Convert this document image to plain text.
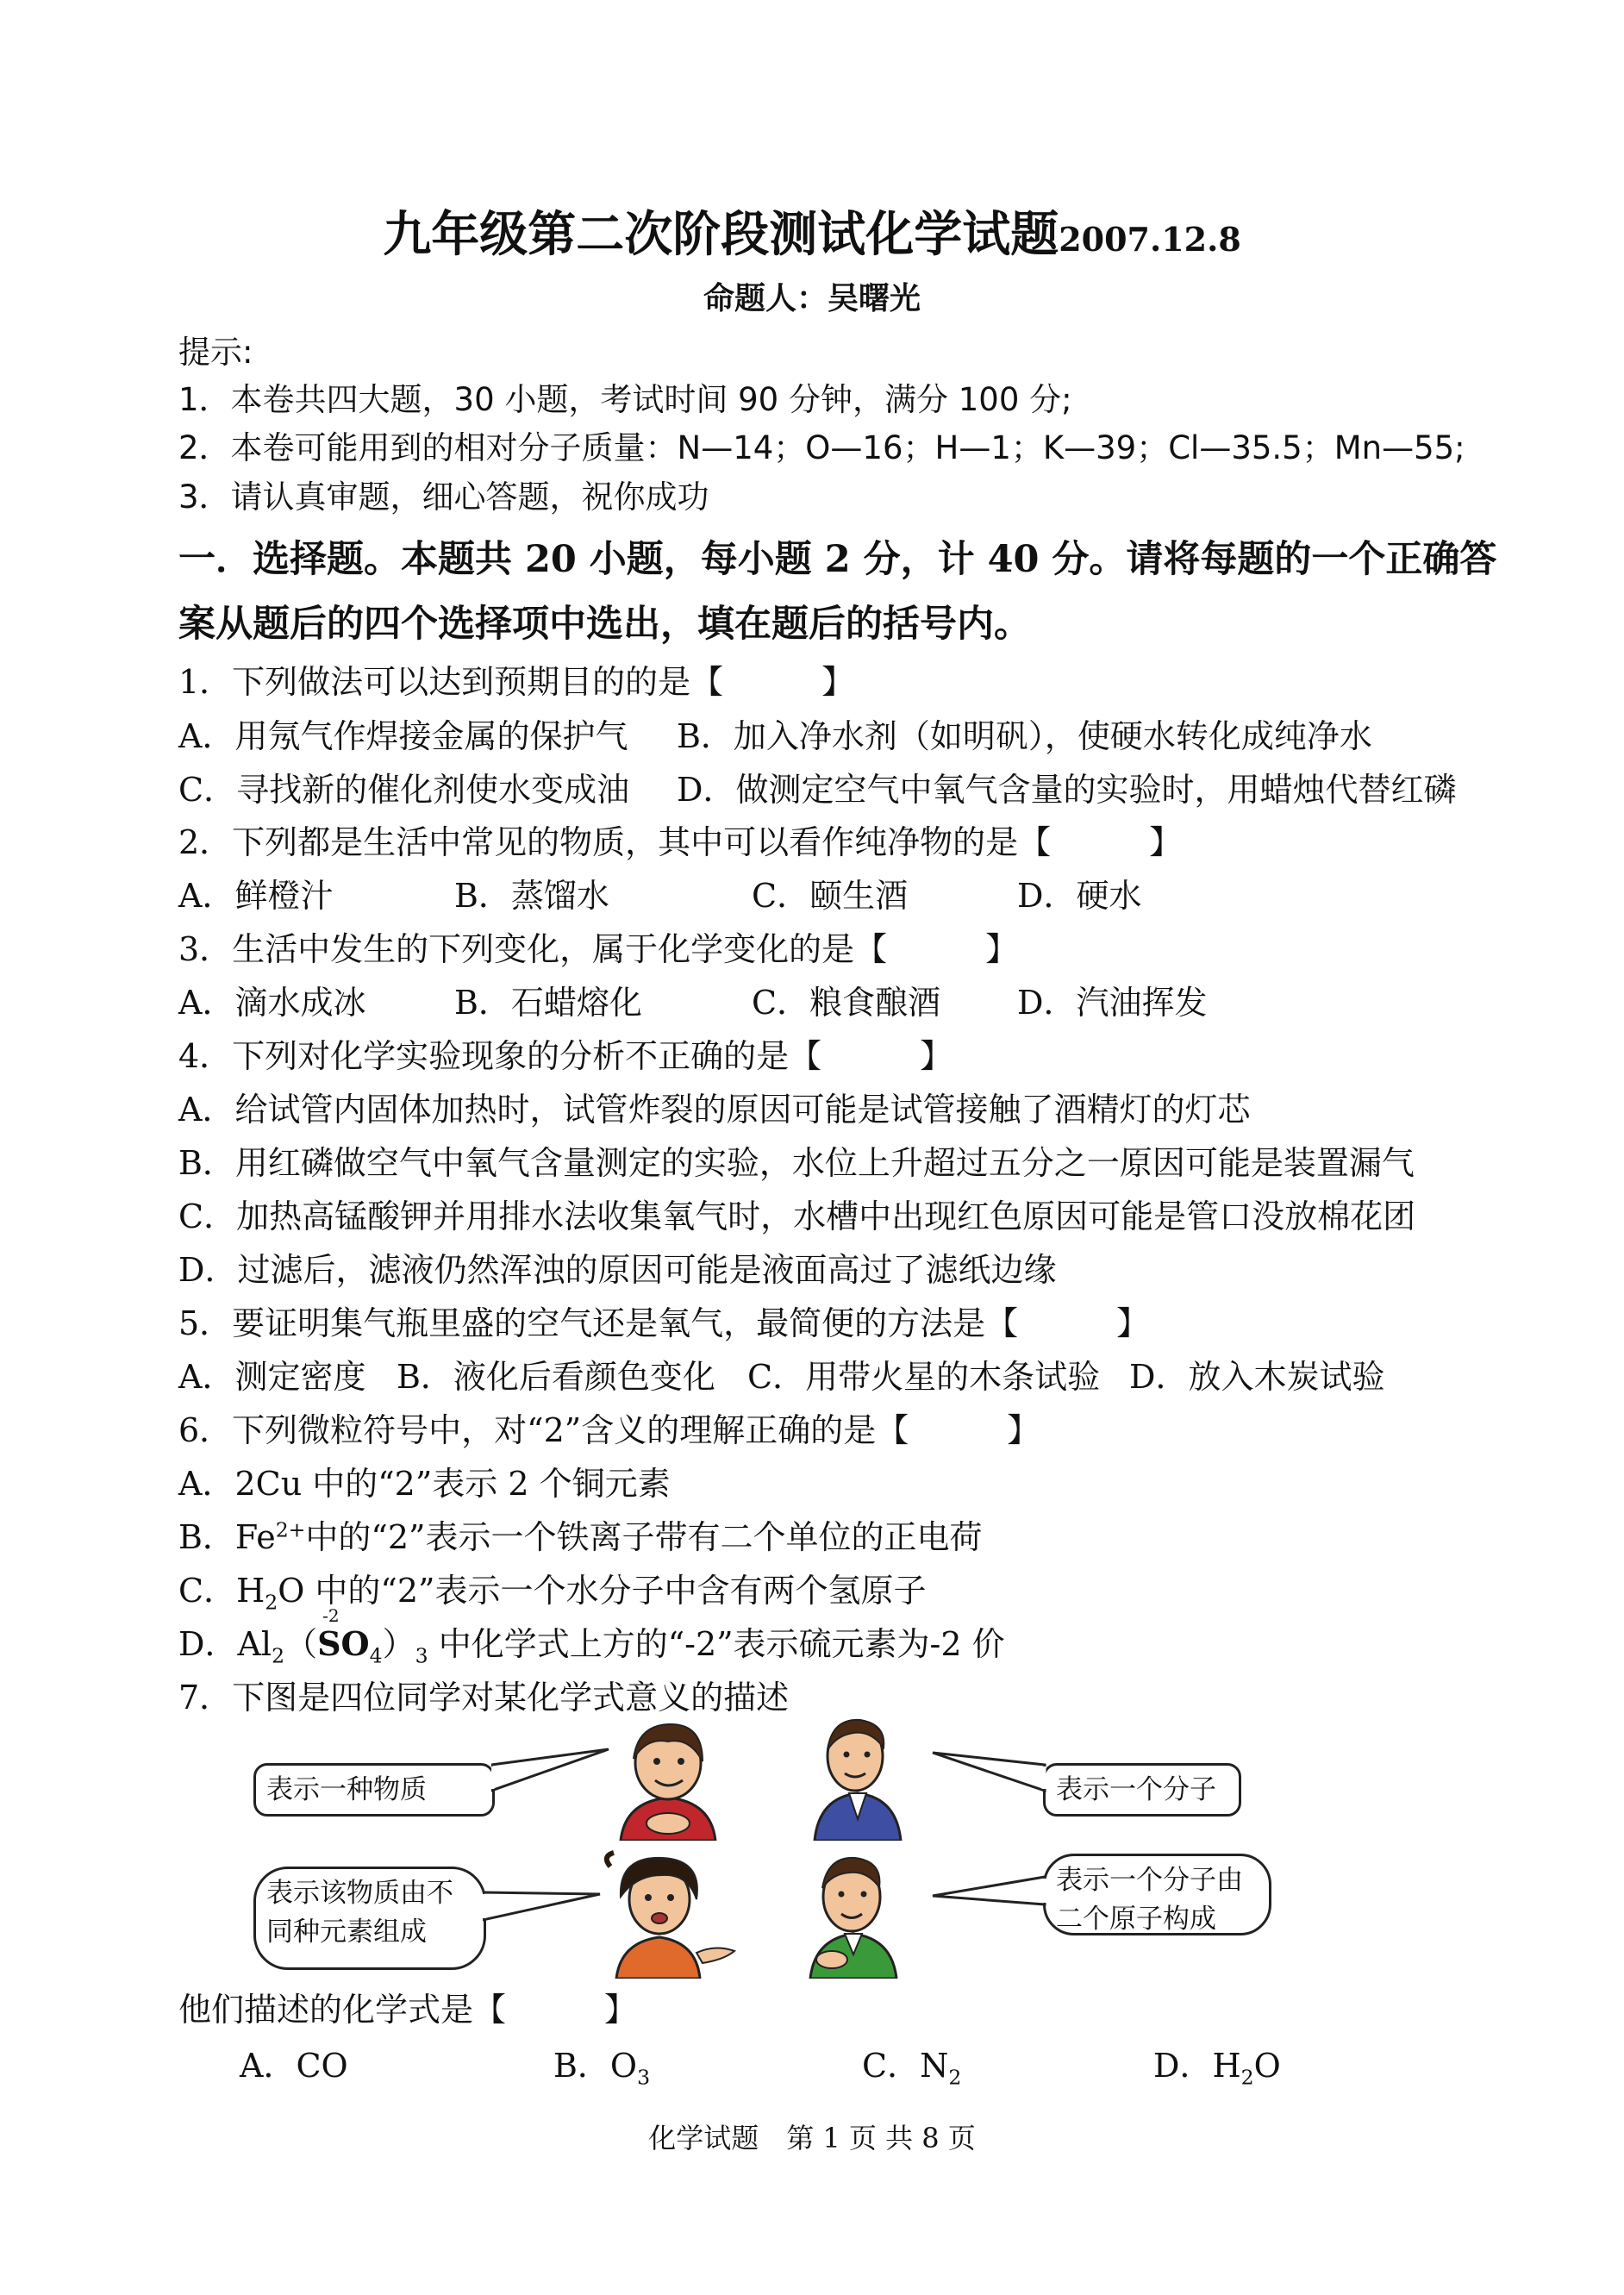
九年级第二次阶段测试化学试题2007.12.8
命题人：吴曙光
提示:
1．本卷共四大题，30 小题，考试时间 90 分钟，满分 100 分;
2．本卷可能用到的相对分子质量：N—14；O—16；H—1；K—39；Cl—35.5；Mn—55;
3．请认真审题，细心答题，祝你成功
一．选择题。本题共 20 小题，每小题 2 分，计 40 分。请将每题的一个正确答
案从题后的四个选择项中选出，填在题后的括号内。
1．下列做法可以达到预期目的的是【　　　】
A．用氖气作焊接金属的保护气 B．加入净水剂（如明矾），使硬水转化成纯净水
C．寻找新的催化剂使水变成油 D．做测定空气中氧气含量的实验时，用蜡烛代替红磷
2．下列都是生活中常见的物质，其中可以看作纯净物的是【　　　】
A．鲜橙汁	B．蒸馏水	C．颐生酒	D．硬水
3．生活中发生的下列变化，属于化学变化的是【　　　】
A．滴水成冰	B．石蜡熔化	C．粮食酿酒 D．汽油挥发
4．下列对化学实验现象的分析不正确的是【　　　】
A．给试管内固体加热时，试管炸裂的原因可能是试管接触了酒精灯的灯芯
B．用红磷做空气中氧气含量测定的实验，水位上升超过五分之一原因可能是装置漏气
C．加热高锰酸钾并用排水法收集氧气时，水槽中出现红色原因可能是管口没放棉花团
D．过滤后，滤液仍然浑浊的原因可能是液面高过了滤纸边缘
5．要证明集气瓶里盛的空气还是氧气，最简便的方法是【　　　】
A．测定密度 B．液化后看颜色变化 C．用带火星的木条试验 D．放入木炭试验
6．下列微粒符号中，对“2”含义的理解正确的是【　　　】
A．2Cu 中的“2”表示 2 个铜元素
B．$Fe^{2+}$中的“2”表示一个铁离子带有二个单位的正电荷
C．$H_2O$ 中的“2”表示一个水分子中含有两个氢原子
D．$Al_2$（
-2
$SO_4)_3$ 中化学式上方的“-2”表示硫元素为-2 价
7．下图是四位同学对某化学式意义的描述
表示一种物质	表示一个分子
表示该物质由不同种元素组成
表示一个分子由二个原子构成
他们描述的化学式是【　　　】
A．CO	B．$O_3$	C．$N_2$	D．$H_2O$
化学试题　第 1 页 共 8 页
